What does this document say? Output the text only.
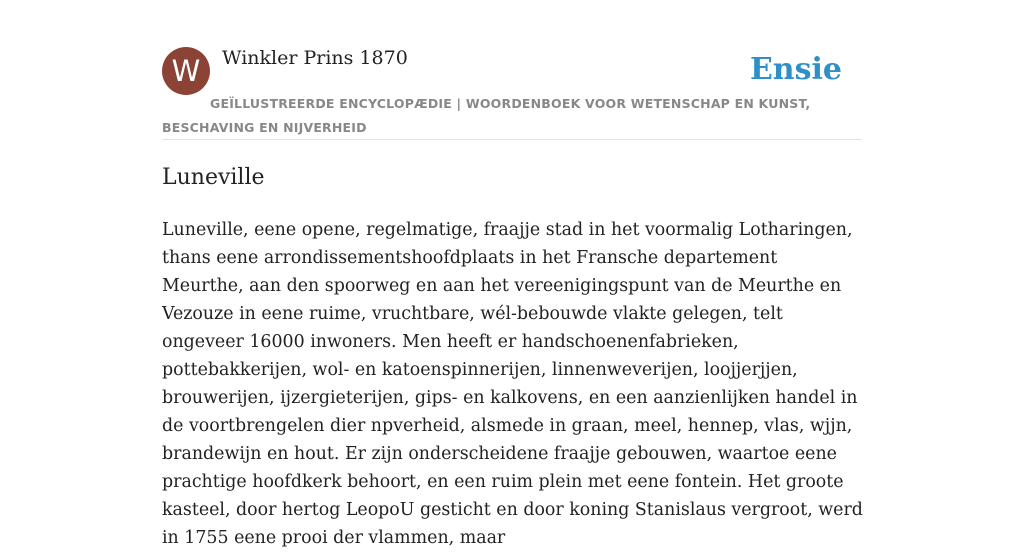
W	Winkler Prins 1870	Ensie
GEÏLLUSTREERDE ENCYCLOPÆDIE | WOORDENBOEK VOOR WETENSCHAP EN KUNST, BESCHAVING EN NIJVERHEID
Luneville

Luneville, eene opene, regelmatige, fraajje stad in het voormalig Lotharingen, thans eene arrondissementshoofdplaats in het Fransche departement Meurthe, aan den spoorweg en aan het vereenigingspunt van de Meurthe en Vezouze in eene ruime, vruchtbare, wél-bebouwde vlakte gelegen, telt ongeveer 16000 inwoners. Men heeft er handschoenenfabrieken, pottebakkerijen, wol- en katoenspinnerijen, linnenweverijen, loojjerjjen, brouwerijen, ijzergieterijen, gips- en kalkovens, en een aanzienlijken handel in de voortbrengelen dier npverheid, alsmede in graan, meel, hennep, vlas, wjjn, brandewijn en hout. Er zijn onderscheidene fraajje gebouwen, waartoe eene prachtige hoofdkerk behoort, en een ruim plein met eene fontein. Het groote kasteel, door hertog LeopoU gesticht en door koning Stanislaus vergroot, werd in 1755 eene prooi der vlammen, maar
